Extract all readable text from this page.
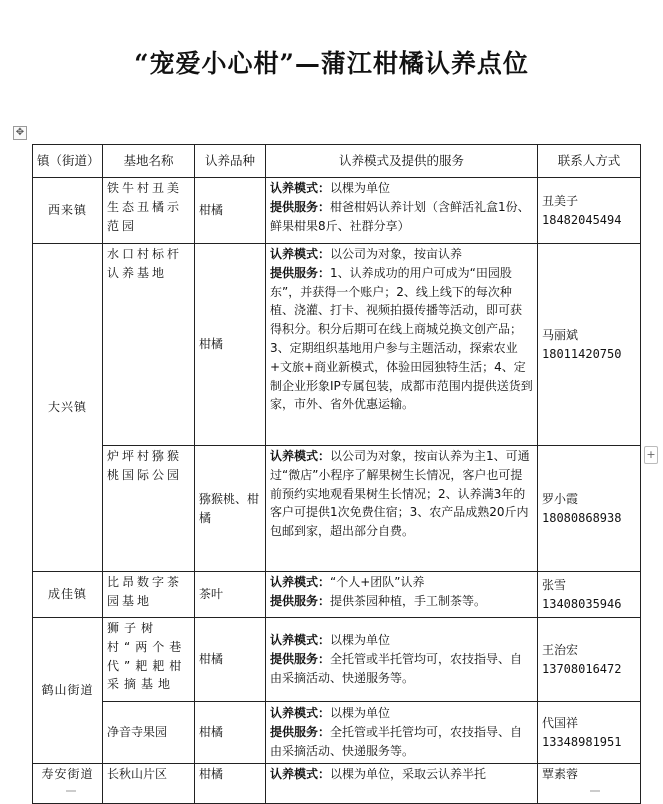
“宠爱小心柑”—蒲江柑橘认养点位
✥
+
镇（街道）	基地名称	认养品种	认养模式及提供的服务	联系人方式
西来镇	铁牛村丑美生态丑橘示范园	柑橘	认养模式：以棵为单位
提供服务：柑爸柑妈认养计划（含鲜活礼盒1份、鲜果柑果8斤、社群分享）	丑美子
18482045494
大兴镇	水口村标杆认养基地	柑橘	认养模式：以公司为对象，按亩认养
提供服务：1、认养成功的用户可成为“田园股东”，并获得一个账户；2、线上线下的每次种植、浇灌、打卡、视频拍摄传播等活动，即可获得积分。积分后期可在线上商城兑换文创产品；3、定期组织基地用户参与主题活动，探索农业+文旅+商业新模式，体验田园独特生活；4、定制企业形象IP专属包装，成都市范围内提供送货到家，市外、省外优惠运输。	马丽斌
18011420750
	炉坪村猕猴桃国际公园	猕猴桃、柑橘	认养模式：以公司为对象，按亩认养为主1、可通过“微店”小程序了解果树生长情况，客户也可提前预约实地观看果树生长情况；2、认养满3年的客户可提供1次免费住宿；3、农产品成熟20斤内包邮到家，超出部分自费。	罗小霞
18080868938
成佳镇	比昂数字茶园基地	茶叶	认养模式：“个人+团队”认养
提供服务：提供茶园种植，手工制茶等。	张雪
13408035946
鹤山街道	狮子树村“两个巷代”耙耙柑采摘基地	柑橘	认养模式：以棵为单位
提供服务：全托管或半托管均可，农技指导、自由采摘活动、快递服务等。	王治宏
13708016472
	净音寺果园	柑橘	认养模式：以棵为单位
提供服务：全托管或半托管均可，农技指导、自由采摘活动、快递服务等。	代国祥
13348981951
寿安街道	长秋山片区	柑橘	认养模式：以棵为单位，采取云认养半托	覃素蓉
